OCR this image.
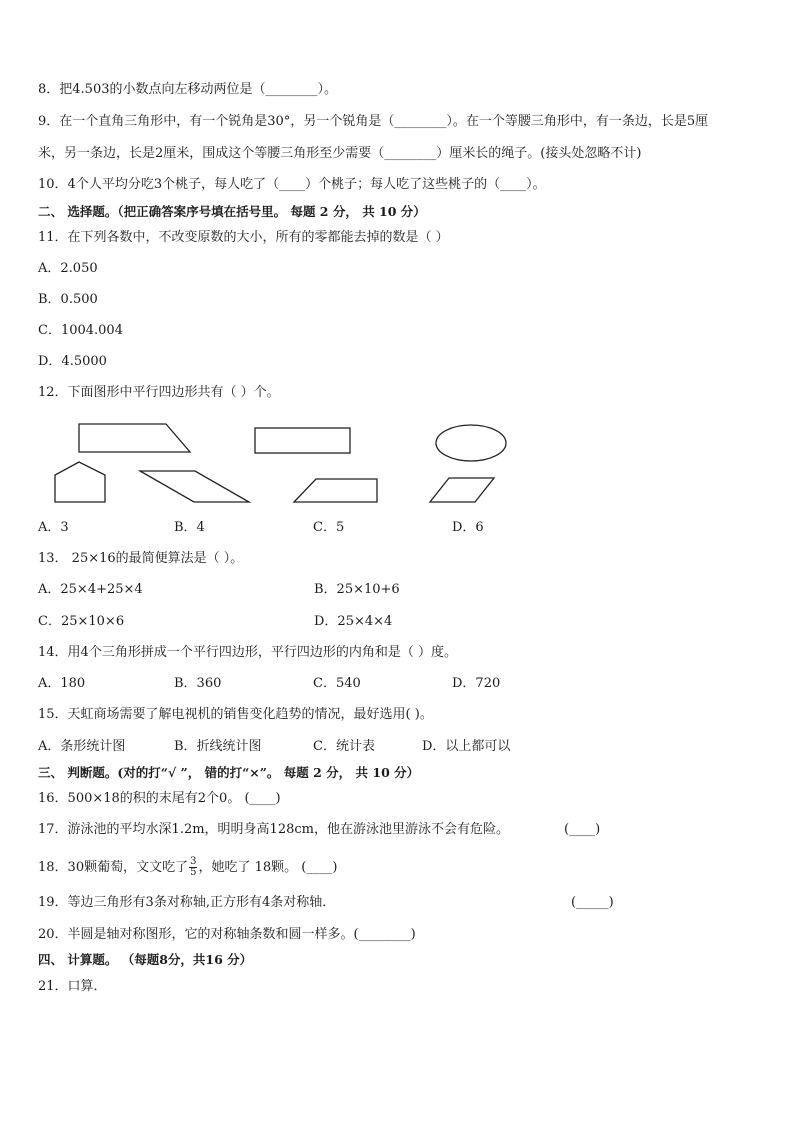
8．把4.503的小数点向左移动两位是（________）。
9．在一个直角三角形中，有一个锐角是30°，另一个锐角是（________）。在一个等腰三角形中，有一条边，长是5厘
米，另一条边，长是2厘米，围成这个等腰三角形至少需要（________）厘米长的绳子。(接头处忽略不计)
10．4个人平均分吃3个桃子，每人吃了（____）个桃子；每人吃了这些桃子的（____）。
二、 选择题。（把正确答案序号填在括号里。 每题 2 分， 共 10 分）
11．在下列各数中，不改变原数的大小，所有的零都能去掉的数是（ ）
A．2.050
B．0.500
C．1004.004
D．4.5000
12．下面图形中平行四边形共有（ ）个。
A．3	B．4	C．5	D．6
13． 25×16的最简便算法是（ ）。
A．25×4+25×4	B．25×10+6
C．25×10×6	D．25×4×4
14．用4个三角形拼成一个平行四边形，平行四边形的内角和是（ ）度。
A．180	B．360	C．540	D．720
15．天虹商场需要了解电视机的销售变化趋势的情况，最好选用( )。
A．条形统计图	B．折线统计图	C．统计表	D．以上都可以
三、 判断题。(对的打“√ ”， 错的打“×”。 每题 2 分， 共 10 分）
16．500×18的积的末尾有2个0。 (____)
17．游泳池的平均水深1.2m，明明身高128cm，他在游泳池里游泳不会有危险。	(____)
18．30颗葡萄，文文吃了 $\frac{3}{5}$ ，她吃了 18颗。 (____)
19．等边三角形有3条对称轴,正方形有4条对称轴．	(_____)
20．半圆是轴对称图形，它的对称轴条数和圆一样多。(________)
四、 计算题。 （每题8分，共16 分）
21．口算．
